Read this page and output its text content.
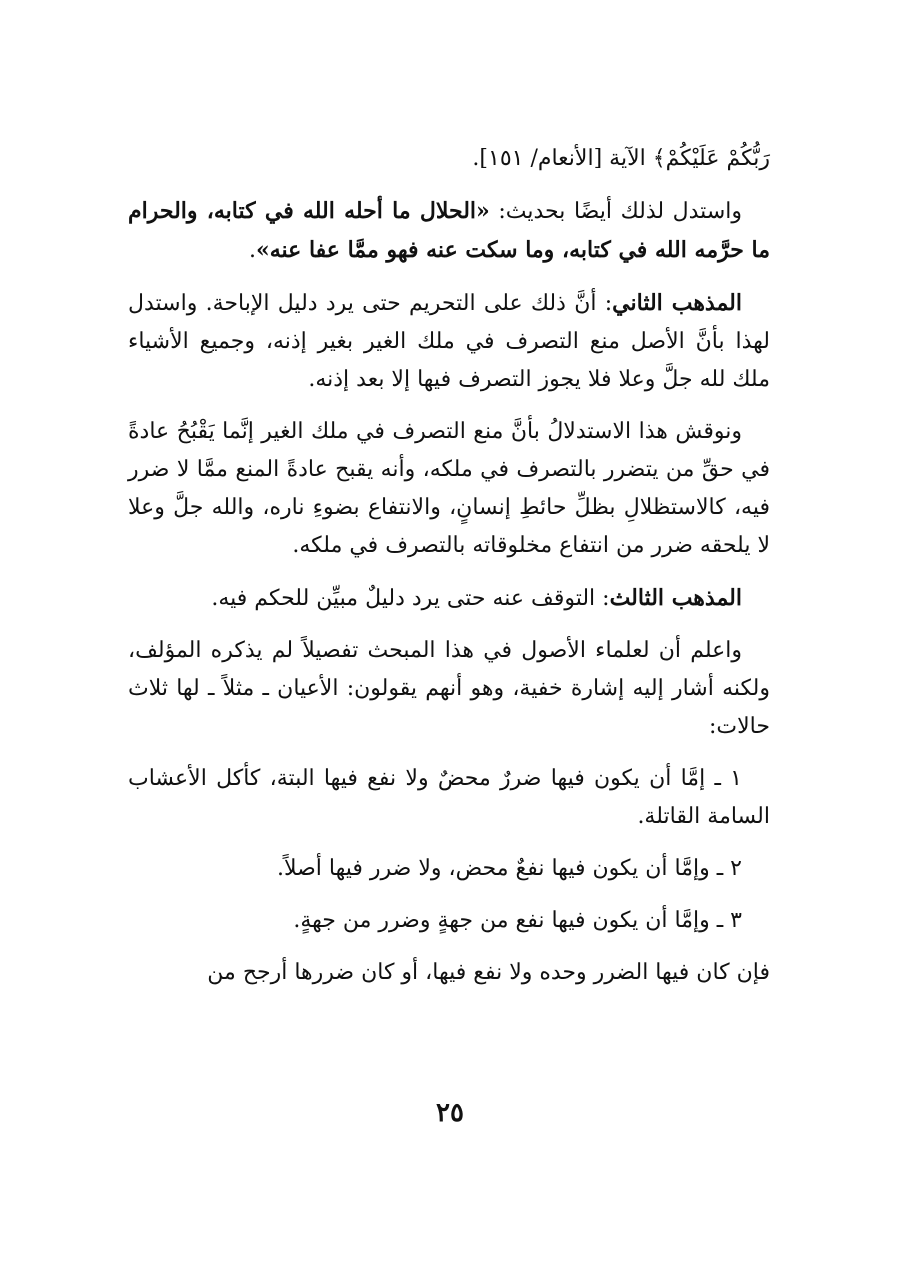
رَبُّكُمْ عَلَيْكُمْ﴾ الآية [الأنعام/ ١٥١].

واستدل لذلك أيضًا بحديث: «الحلال ما أحله الله في كتابه، والحرام ما حرَّمه الله في كتابه، وما سكت عنه فهو ممَّا عفا عنه».

المذهب الثاني: أنَّ ذلك على التحريم حتى يرد دليل الإباحة. واستدل لهذا بأنَّ الأصل منع التصرف في ملك الغير بغير إذنه، وجميع الأشياء ملك لله جلَّ وعلا فلا يجوز التصرف فيها إلا بعد إذنه.

ونوقش هذا الاستدلالُ بأنَّ منع التصرف في ملك الغير إنَّما يَقْبُحُ عادةً في حقِّ من يتضرر بالتصرف في ملكه، وأنه يقبح عادةً المنع ممَّا لا ضرر فيه، كالاستظلالِ بظلِّ حائطِ إنسانٍ، والانتفاع بضوءِ ناره، والله جلَّ وعلا لا يلحقه ضرر من انتفاع مخلوقاته بالتصرف في ملكه.

المذهب الثالث: التوقف عنه حتى يرد دليلٌ مبيِّن للحكم فيه.

واعلم أن لعلماء الأصول في هذا المبحث تفصيلاً لم يذكره المؤلف، ولكنه أشار إليه إشارة خفية، وهو أنهم يقولون: الأعيان ـ مثلاً ـ لها ثلاث حالات:

١ ـ إمَّا أن يكون فيها ضررٌ محضٌ ولا نفع فيها البتة، كأكل الأعشاب السامة القاتلة.

٢ ـ وإمَّا أن يكون فيها نفعٌ محض، ولا ضرر فيها أصلاً.

٣ ـ وإمَّا أن يكون فيها نفع من جهةٍ وضرر من جهةٍ.

فإن كان فيها الضرر وحده ولا نفع فيها، أو كان ضررها أرجح من

٢٥
